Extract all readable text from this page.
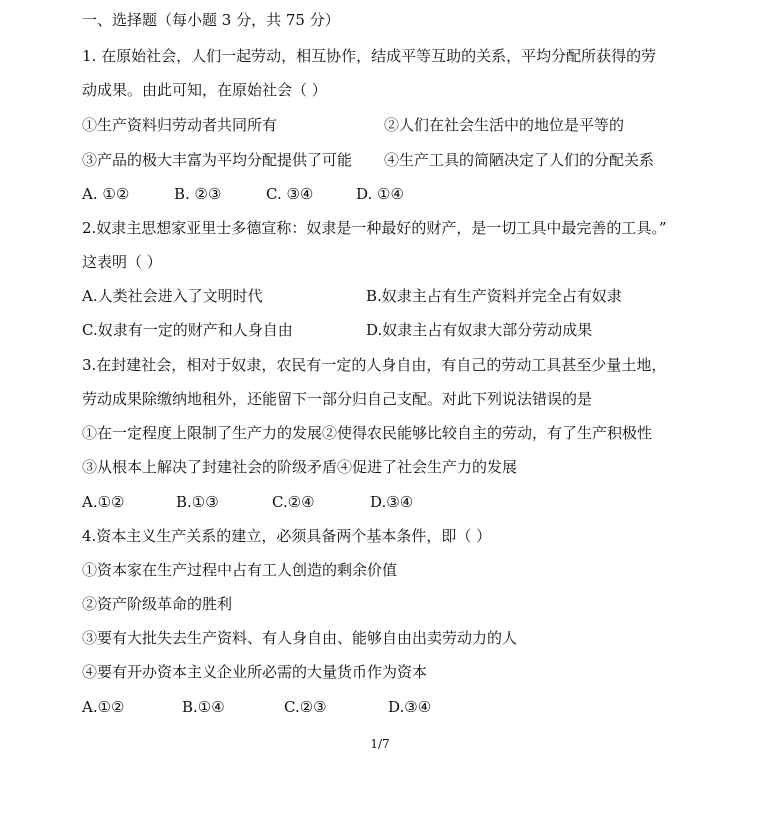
一、选择题（每小题 3 分，共 75 分）
1. 在原始社会，人们一起劳动，相互协作，结成平等互助的关系，平均分配所获得的劳
动成果。由此可知，在原始社会（ ）
①生产资料归劳动者共同所有	②人们在社会生活中的地位是平等的
③产品的极大丰富为平均分配提供了可能 ④生产工具的简陋决定了人们的分配关系
A. ①②	B. ②③	C. ③④	D. ①④
2.奴隶主思想家亚里士多德宣称：奴隶是一种最好的财产，是一切工具中最完善的工具。”
这表明（ ）
A.人类社会进入了文明时代	B.奴隶主占有生产资料并完全占有奴隶
C.奴隶有一定的财产和人身自由	D.奴隶主占有奴隶大部分劳动成果
3.在封建社会，相对于奴隶，农民有一定的人身自由，有自己的劳动工具甚至少量土地，
劳动成果除缴纳地租外，还能留下一部分归自己支配。对此下列说法错误的是
①在一定程度上限制了生产力的发展②使得农民能够比较自主的劳动，有了生产积极性
③从根本上解决了封建社会的阶级矛盾④促进了社会生产力的发展
A.①②	B.①③	C.②④	D.③④
4.资本主义生产关系的建立，必须具备两个基本条件，即（ ）
①资本家在生产过程中占有工人创造的剩余价值
②资产阶级革命的胜利
③要有大批失去生产资料、有人身自由、能够自由出卖劳动力的人
④要有开办资本主义企业所必需的大量货币作为资本
A.①②	B.①④	C.②③	D.③④
1/7
